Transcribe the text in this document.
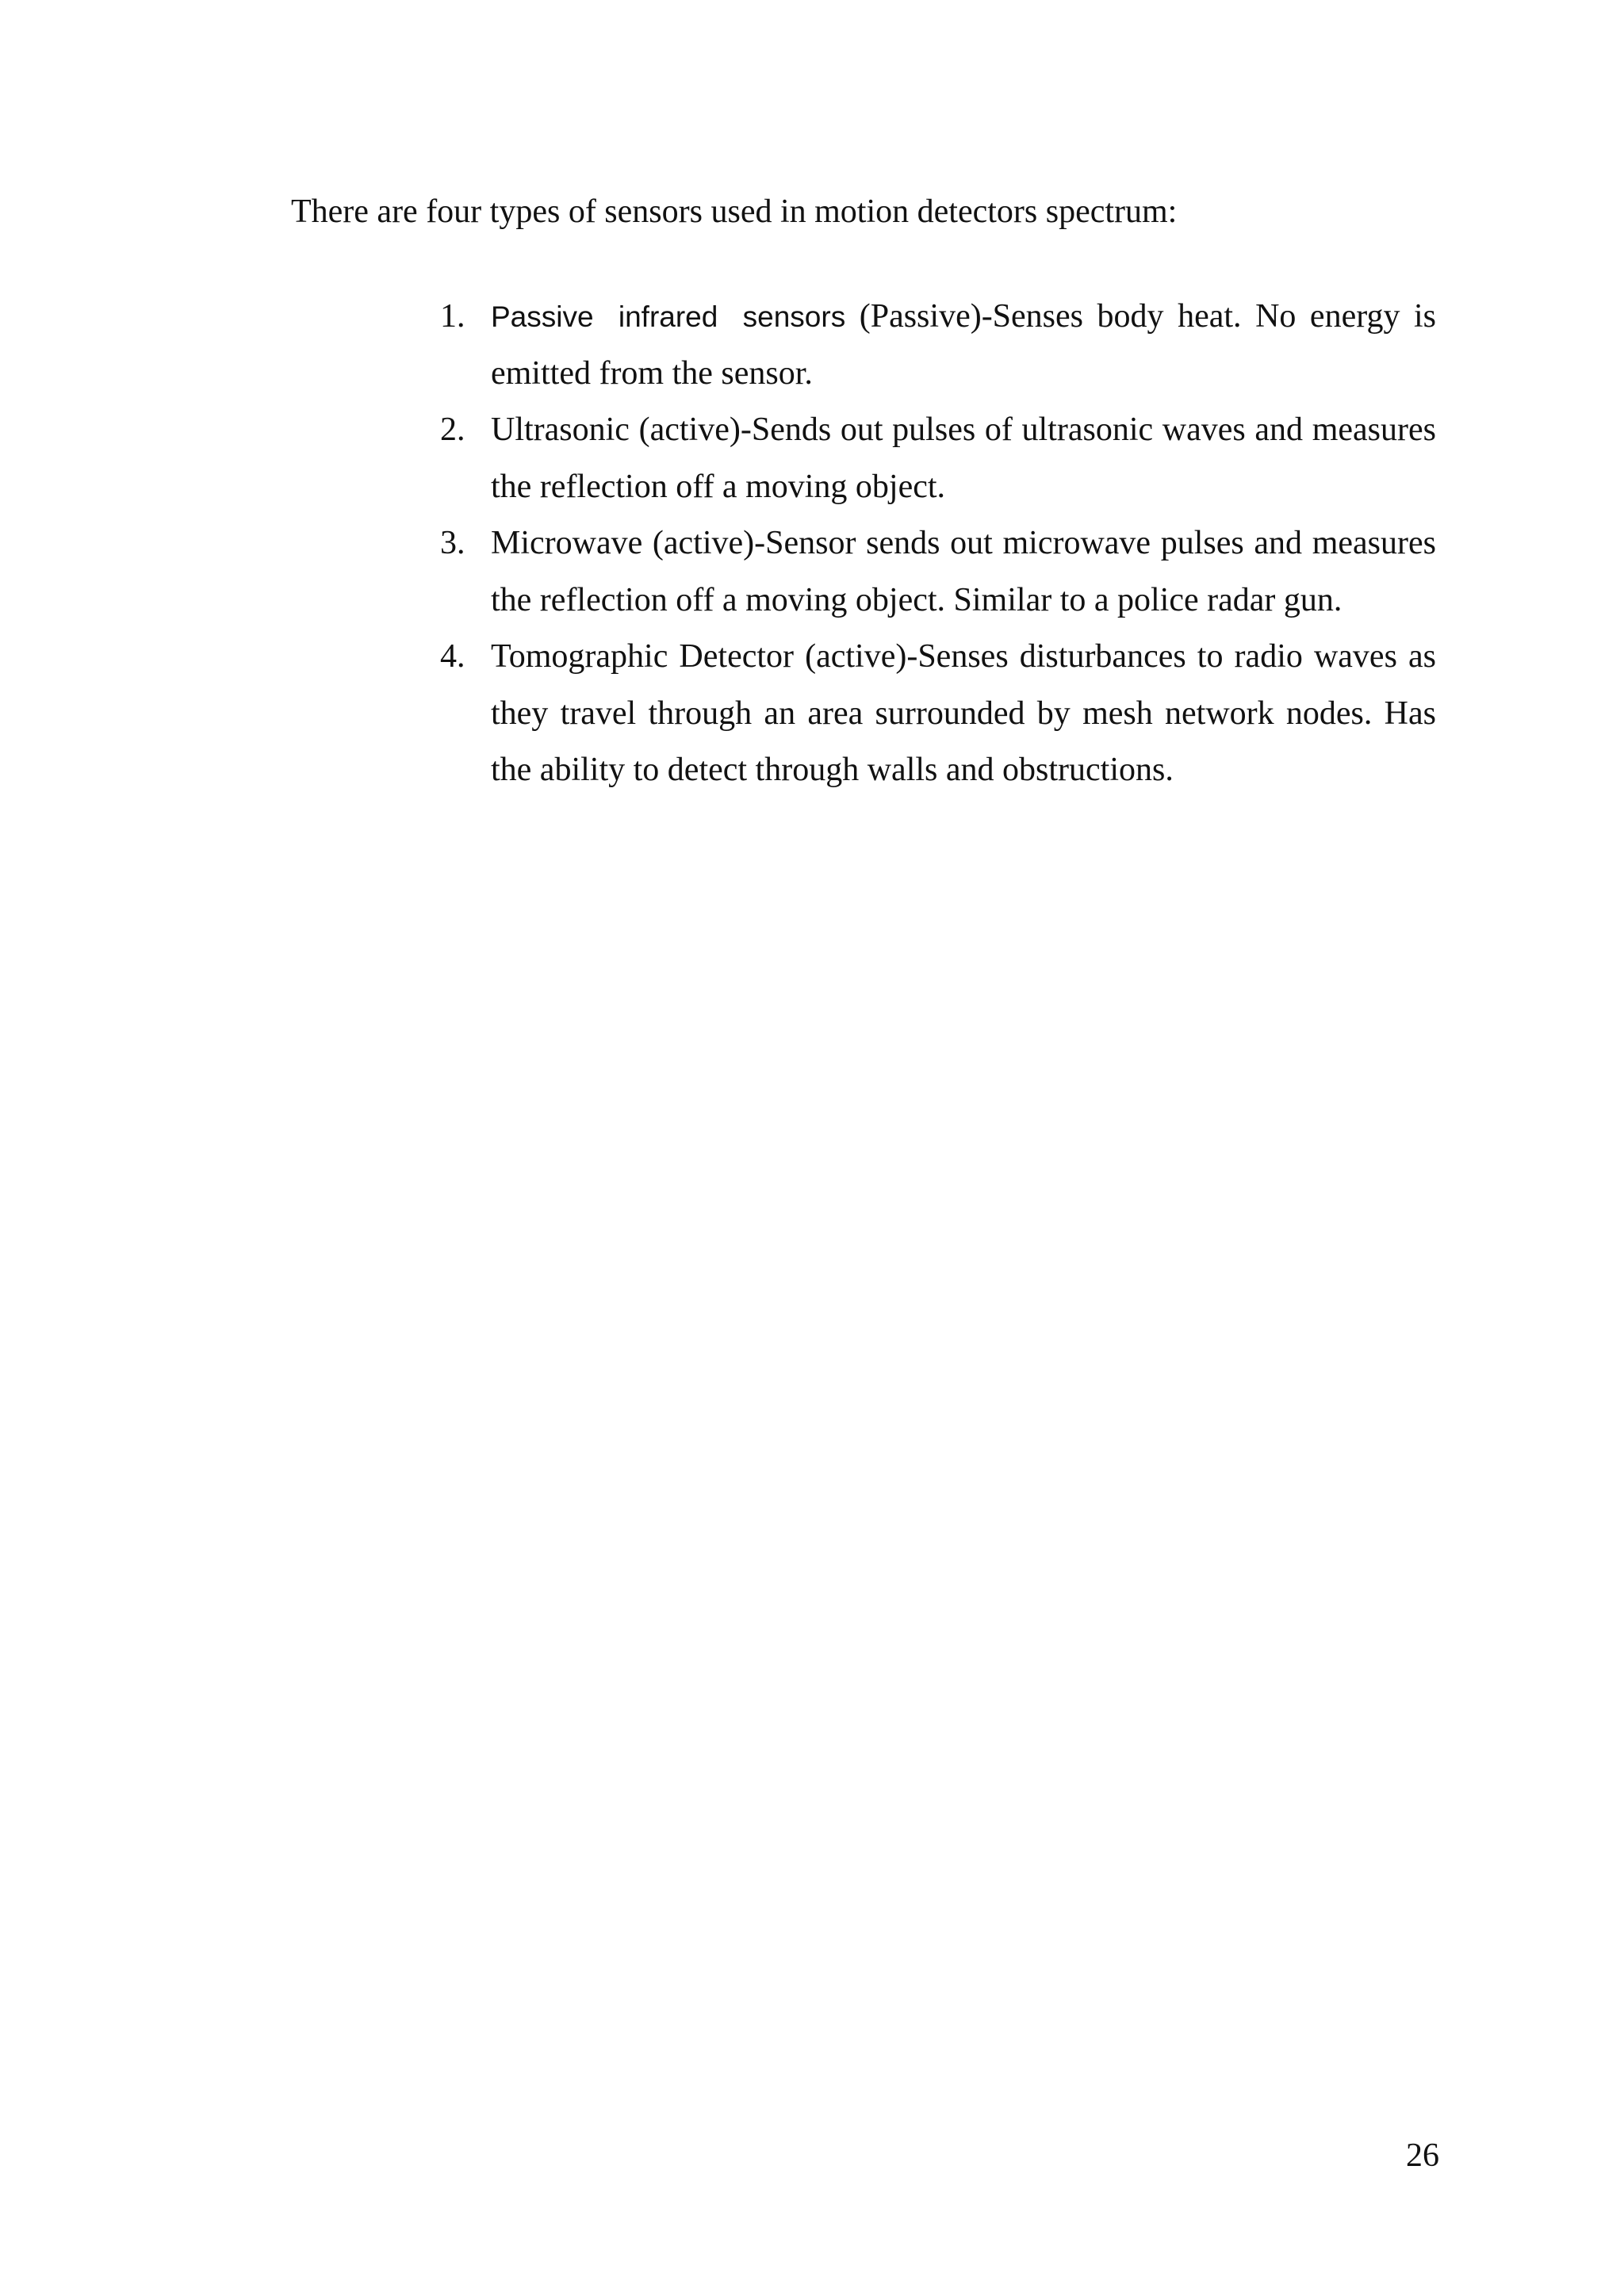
There are four types of sensors used in motion detectors spectrum:

1. Passive infrared sensors (Passive)-Senses body heat. No energy is emitted from the sensor.
2. Ultrasonic (active)-Sends out pulses of ultrasonic waves and measures the reflection off a moving object.
3. Microwave (active)-Sensor sends out microwave pulses and measures the reflection off a moving object. Similar to a police radar gun.
4. Tomographic Detector (active)-Senses disturbances to radio waves as they travel through an area surrounded by mesh network nodes. Has the ability to detect through walls and obstructions.

26
